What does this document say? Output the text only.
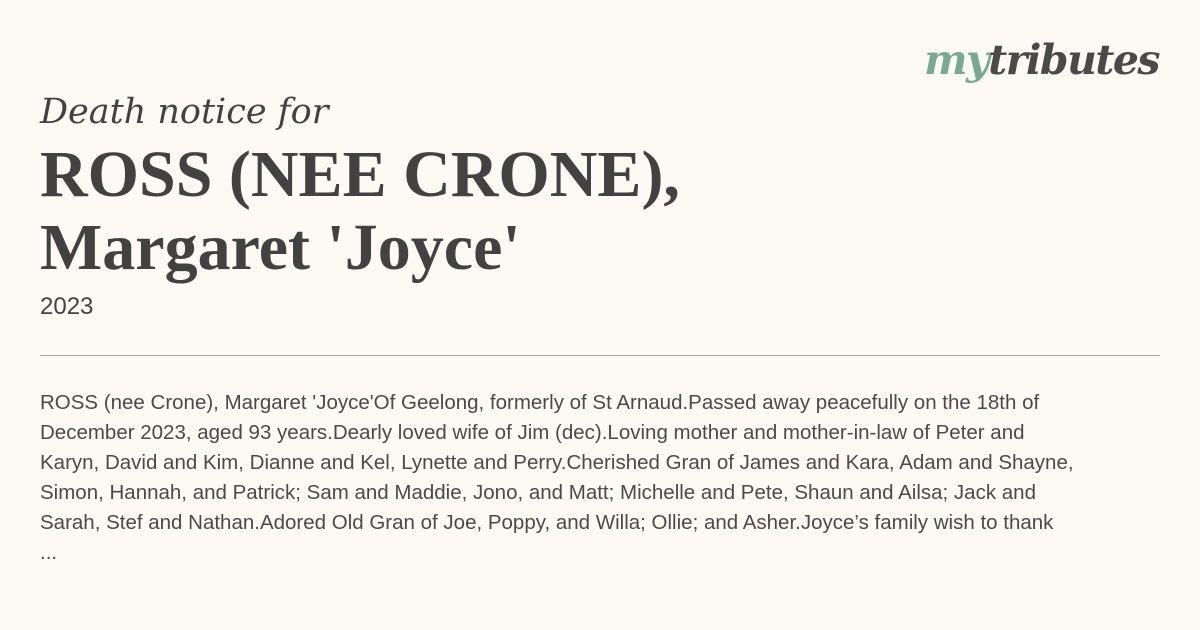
mytributes
Death notice for
ROSS (NEE CRONE),
Margaret 'Joyce'
2023
ROSS (nee Crone), Margaret 'Joyce'Of Geelong, formerly of St Arnaud.Passed away peacefully on the 18th of
December 2023, aged 93 years.Dearly loved wife of Jim (dec).Loving mother and mother-in-law of Peter and
Karyn, David and Kim, Dianne and Kel, Lynette and Perry.Cherished Gran of James and Kara, Adam and Shayne,
Simon, Hannah, and Patrick; Sam and Maddie, Jono, and Matt; Michelle and Pete, Shaun and Ailsa; Jack and
Sarah, Stef and Nathan.Adored Old Gran of Joe, Poppy, and Willa; Ollie; and Asher.Joyce’s family wish to thank
...
